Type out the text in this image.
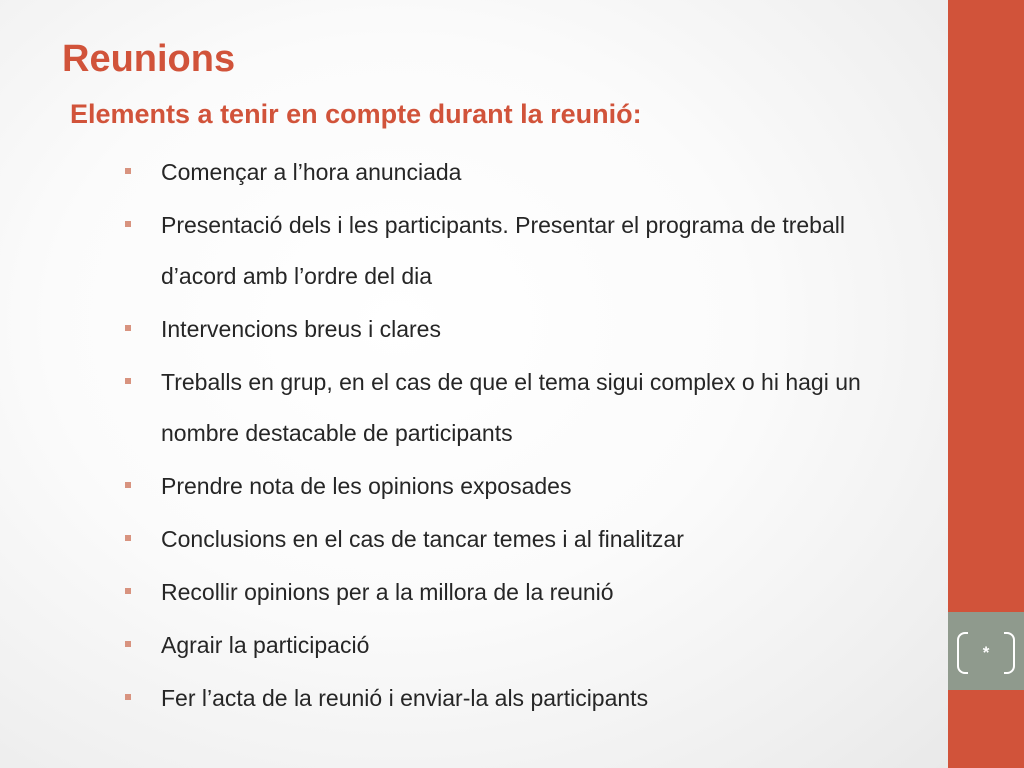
*
Reunions
Elements a tenir en compte durant la reunió:
Començar a l’hora anunciada
Presentació dels i les participants. Presentar el programa de treball d’acord amb l’ordre del dia
Intervencions breus i clares
Treballs en grup, en el cas de que el tema sigui complex o hi hagi un nombre destacable de participants
Prendre nota de les opinions exposades
Conclusions en el cas de tancar temes i al finalitzar
Recollir opinions per a la millora de la reunió
Agrair la participació
Fer l’acta de la reunió i enviar-la als participants
